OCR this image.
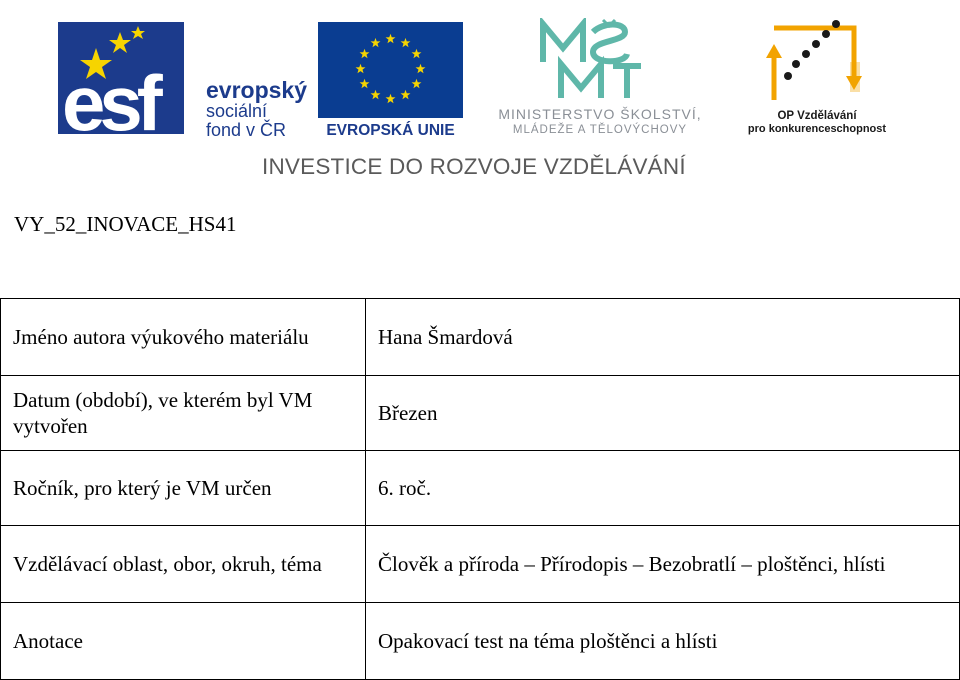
esf	evropský
sociální
fond v ČR	EVROPSKÁ UNIE
MINISTERSTVO ŠKOLSTVÍ,
MLÁDEŽE A TĚLOVÝCHOVY
OP Vzdělávání
pro konkurenceschopnost
INVESTICE DO ROZVOJE VZDĚLÁVÁNÍ
VY_52_INOVACE_HS41
Jméno autora výukového materiálu	Hana Šmardová
Datum (období), ve kterém byl VM vytvořen	Březen
Ročník, pro který je VM určen	6. roč.
Vzdělávací oblast, obor, okruh, téma	Člověk a příroda – Přírodopis – Bezobratlí – ploštěnci, hlísti
Anotace	Opakovací test na téma ploštěnci a hlísti
